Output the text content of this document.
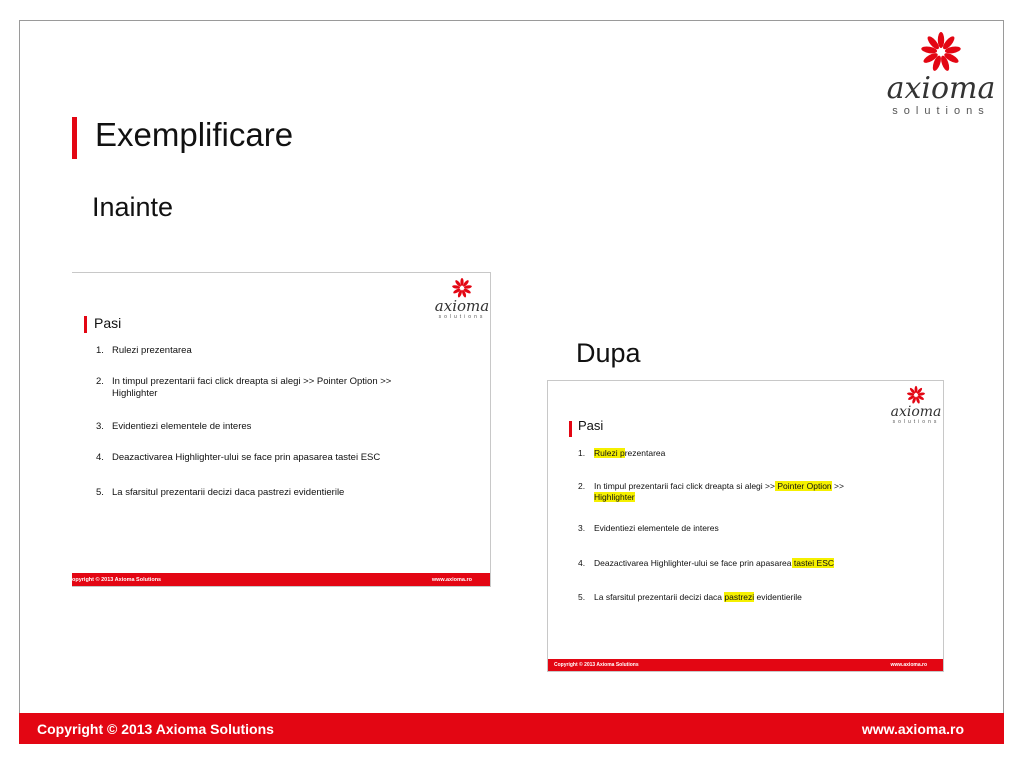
axioma
solutions
Exemplificare
Inainte
Dupa
axioma
solutions
Pasi
1. Rulezi prezentarea
2. In timpul prezentarii faci click dreapta si alegi >> Pointer Option >>
Highlighter
3. Evidentiezi elementele de interes
4. Deazactivarea Highlighter-ului se face prin apasarea tastei ESC
5. La sfarsitul prezentarii decizi daca pastrezi evidentierile
opyright © 2013 Axioma Solutions	www.axioma.ro
axioma
solutions
Pasi
1. Rulezi prezentarea
2. In timpul prezentarii faci click dreapta si alegi >> Pointer Option >>
Highlighter
3. Evidentiezi elementele de interes
4. Deazactivarea Highlighter-ului se face prin apasarea tastei ESC
5. La sfarsitul prezentarii decizi daca pastrezi evidentierile
Copyright © 2013 Axioma Solutions	www.axioma.ro
Copyright © 2013 Axioma Solutions	www.axioma.ro
